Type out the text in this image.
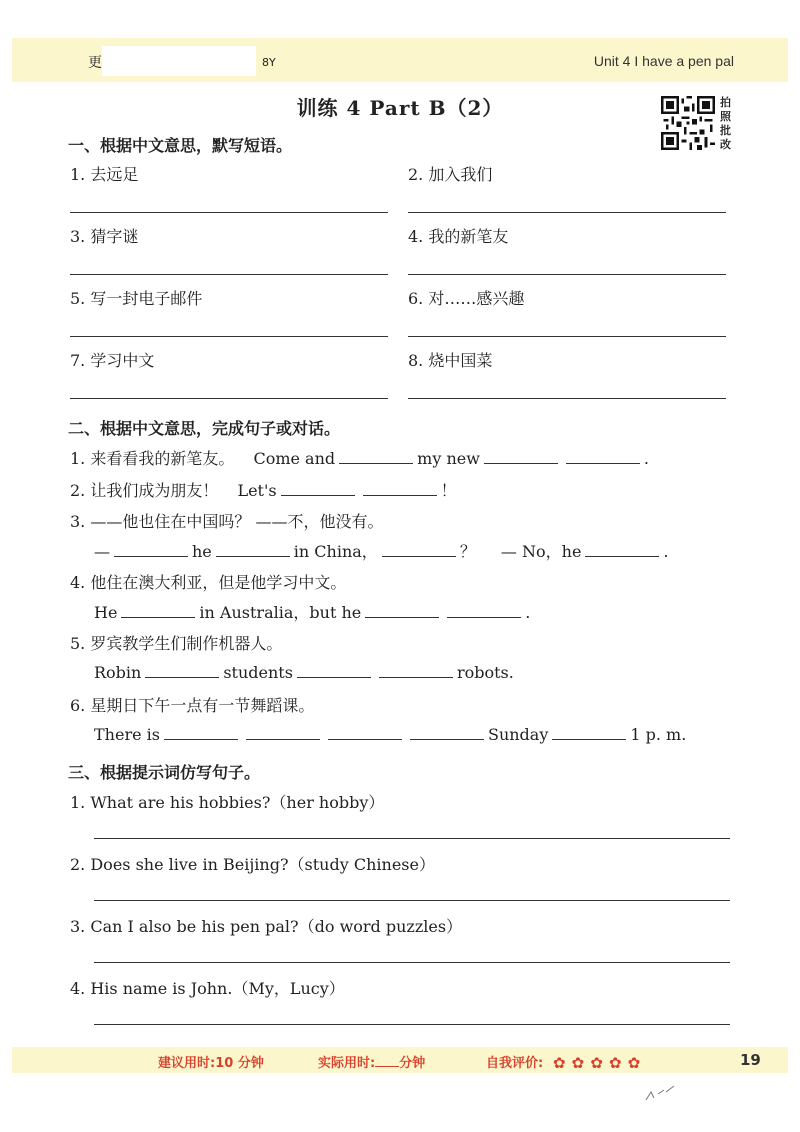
更	8Y	Unit 4 I have a pen pal
训练 4 Part B（2）	拍 照 批 改
一、根据中文意思，默写短语。
1. 去远足	2. 加入我们
3. 猜字谜	4. 我的新笔友
5. 写一封电子邮件	6. 对……感兴趣
7. 学习中文	8. 烧中国菜
二、根据中文意思，完成句子或对话。
1. 来看看我的新笔友。 Come and	my new	.
2. 让我们成为朋友！ Let's	！
3. ——他也住在中国吗？ ——不，他没有。
—	he	in China，	？ — No，he	.
4. 他住在澳大利亚，但是他学习中文。
He	in Australia，but he	.
5. 罗宾教学生们制作机器人。
Robin	students	robots.
6. 星期日下午一点有一节舞蹈课。
There is	Sunday	1 p. m.
三、根据提示词仿写句子。
1. What are his hobbies?（her hobby）
2. Does she live in Beijing?（study Chinese）
3. Can I also be his pen pal?（do word puzzles）
4. His name is John.（My，Lucy）
建议用时:10 分钟	实际用时: 分钟	自我评价: ✿ ✿ ✿ ✿ ✿	19
